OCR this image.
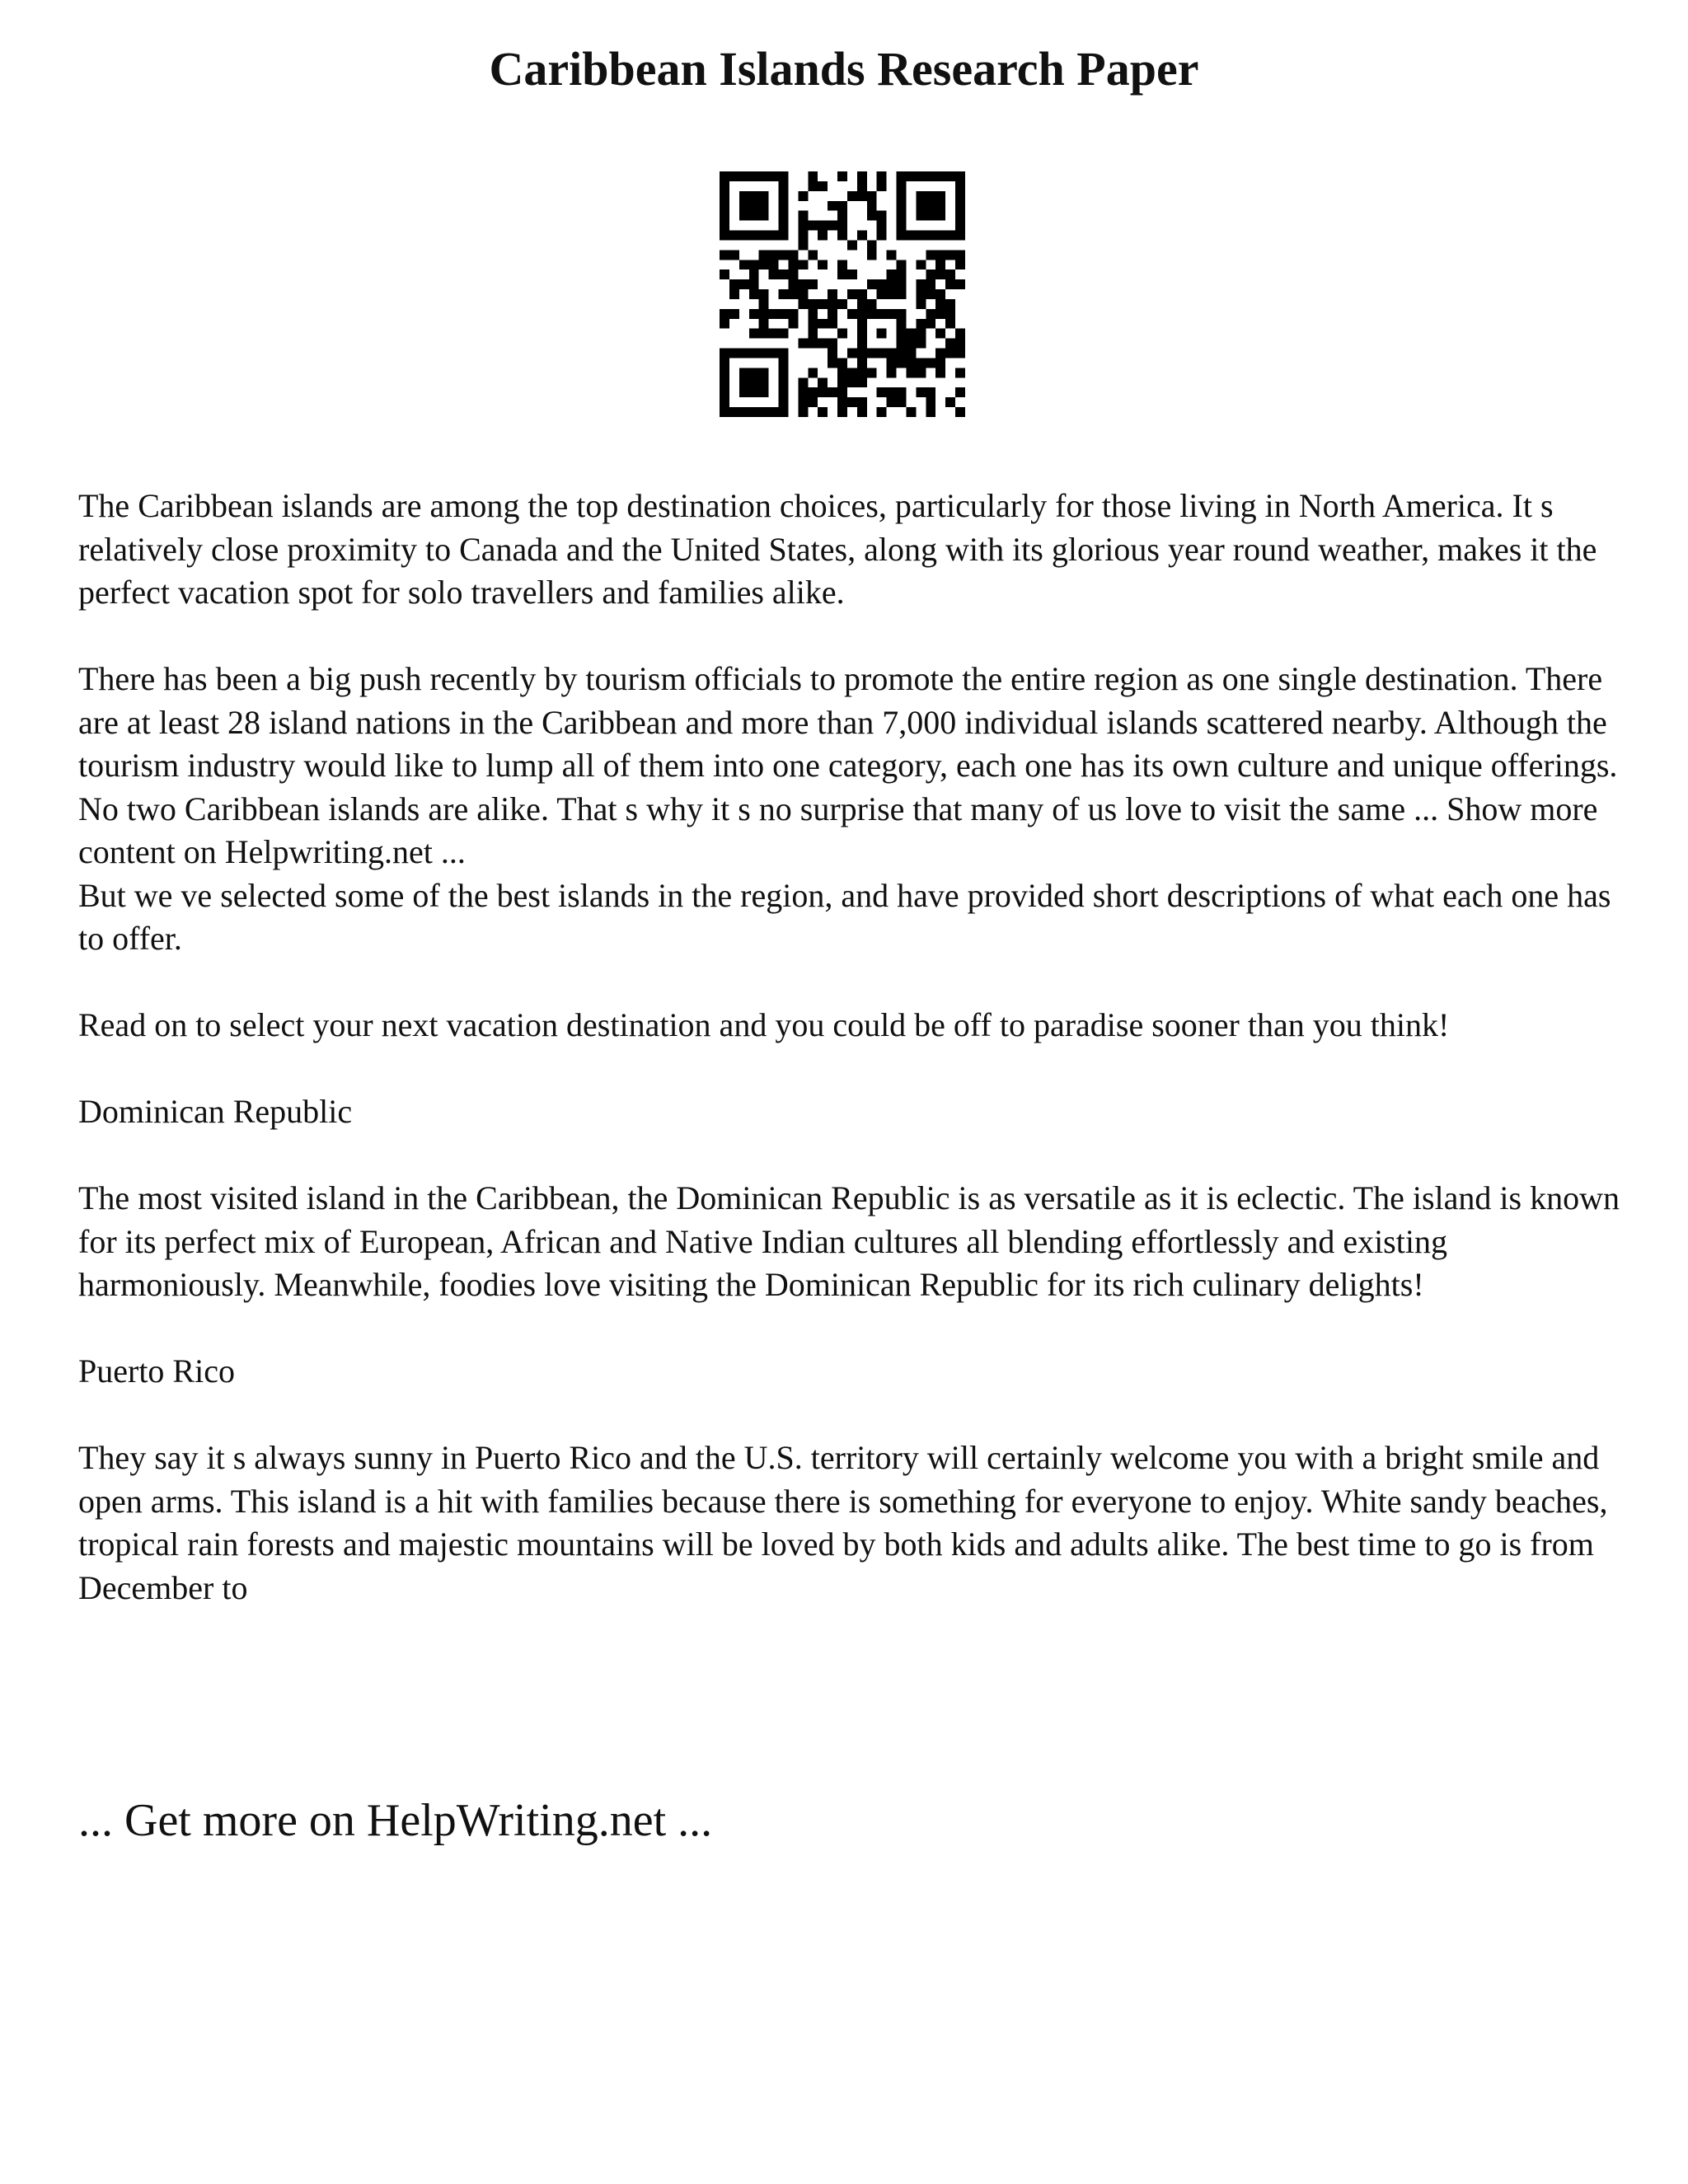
Caribbean Islands Research Paper

The Caribbean islands are among the top destination choices, particularly for those living in North America. It s relatively close proximity to Canada and the United States, along with its glorious year round weather, makes it the perfect vacation spot for solo travellers and families alike.

There has been a big push recently by tourism officials to promote the entire region as one single destination. There are at least 28 island nations in the Caribbean and more than 7,000 individual islands scattered nearby. Although the tourism industry would like to lump all of them into one category, each one has its own culture and unique offerings. No two Caribbean islands are alike. That s why it s no surprise that many of us love to visit the same ... Show more content on Helpwriting.net ...

But we ve selected some of the best islands in the region, and have provided short descriptions of what each one has to offer.

Read on to select your next vacation destination and you could be off to paradise sooner than you think!

Dominican Republic

The most visited island in the Caribbean, the Dominican Republic is as versatile as it is eclectic. The island is known for its perfect mix of European, African and Native Indian cultures all blending effortlessly and existing harmoniously. Meanwhile, foodies love visiting the Dominican Republic for its rich culinary delights!

Puerto Rico

They say it s always sunny in Puerto Rico and the U.S. territory will certainly welcome you with a bright smile and open arms. This island is a hit with families because there is something for everyone to enjoy. White sandy beaches, tropical rain forests and majestic mountains will be loved by both kids and adults alike. The best time to go is from December to

... Get more on HelpWriting.net ...
